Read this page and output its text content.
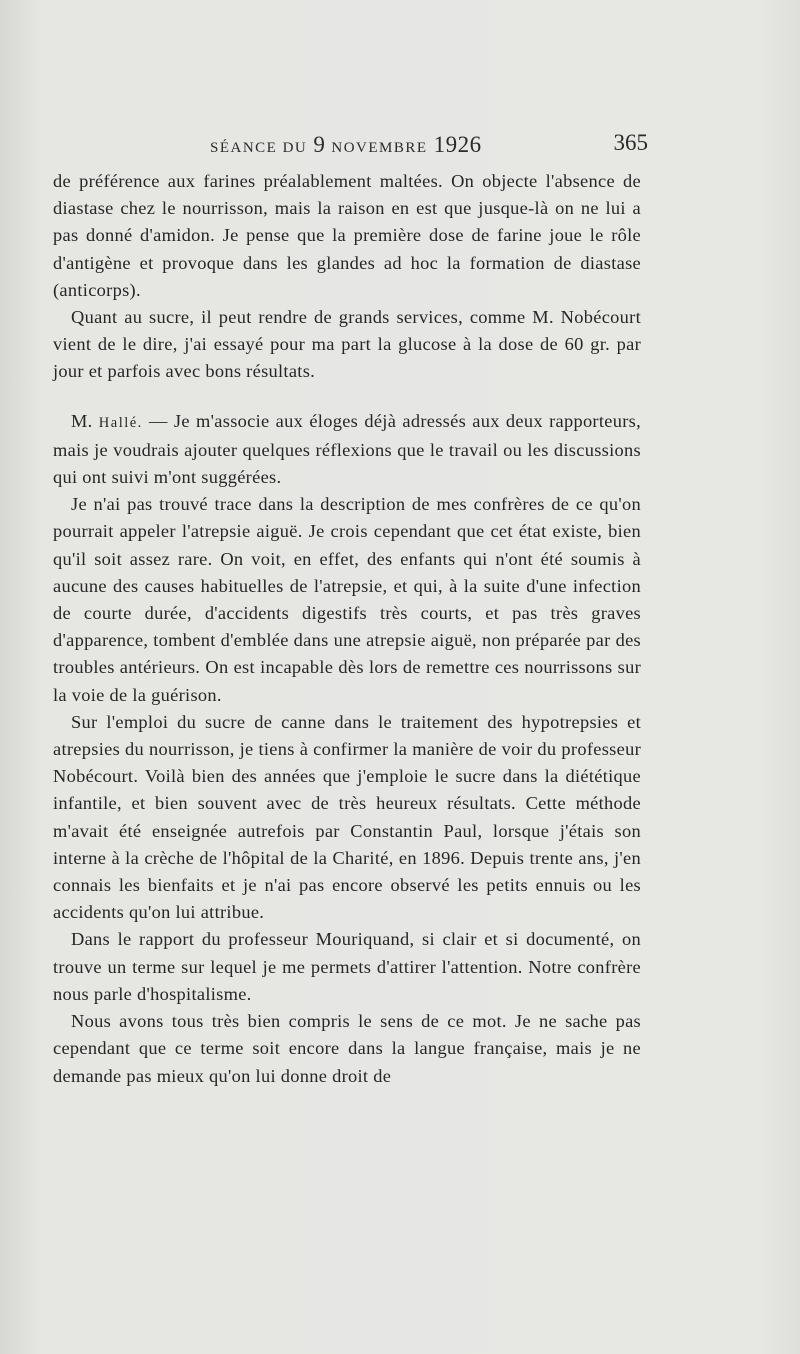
SÉANCE DU 9 NOVEMBRE 1926	365

de préférence aux farines préalablement maltées. On objecte l'absence de diastase chez le nourrisson, mais la raison en est que jusque-là on ne lui a pas donné d'amidon. Je pense que la première dose de farine joue le rôle d'antigène et provoque dans les glandes ad hoc la formation de diastase (anticorps).

Quant au sucre, il peut rendre de grands services, comme M. Nobécourt vient de le dire, j'ai essayé pour ma part la glucose à la dose de 60 gr. par jour et parfois avec bons résultats.

M. Hallé. — Je m'associe aux éloges déjà adressés aux deux rapporteurs, mais je voudrais ajouter quelques réflexions que le travail ou les discussions qui ont suivi m'ont suggérées.

Je n'ai pas trouvé trace dans la description de mes confrères de ce qu'on pourrait appeler l'atrepsie aiguë. Je crois cependant que cet état existe, bien qu'il soit assez rare. On voit, en effet, des enfants qui n'ont été soumis à aucune des causes habituelles de l'atrepsie, et qui, à la suite d'une infection de courte durée, d'accidents digestifs très courts, et pas très graves d'apparence, tombent d'emblée dans une atrepsie aiguë, non préparée par des troubles antérieurs. On est incapable dès lors de remettre ces nourrissons sur la voie de la guérison.

Sur l'emploi du sucre de canne dans le traitement des hypotrepsies et atrepsies du nourrisson, je tiens à confirmer la manière de voir du professeur Nobécourt. Voilà bien des années que j'emploie le sucre dans la diététique infantile, et bien souvent avec de très heureux résultats. Cette méthode m'avait été enseignée autrefois par Constantin Paul, lorsque j'étais son interne à la crèche de l'hôpital de la Charité, en 1896. Depuis trente ans, j'en connais les bienfaits et je n'ai pas encore observé les petits ennuis ou les accidents qu'on lui attribue.

Dans le rapport du professeur Mouriquand, si clair et si documenté, on trouve un terme sur lequel je me permets d'attirer l'attention. Notre confrère nous parle d'hospitalisme.

Nous avons tous très bien compris le sens de ce mot. Je ne sache pas cependant que ce terme soit encore dans la langue française, mais je ne demande pas mieux qu'on lui donne droit de
